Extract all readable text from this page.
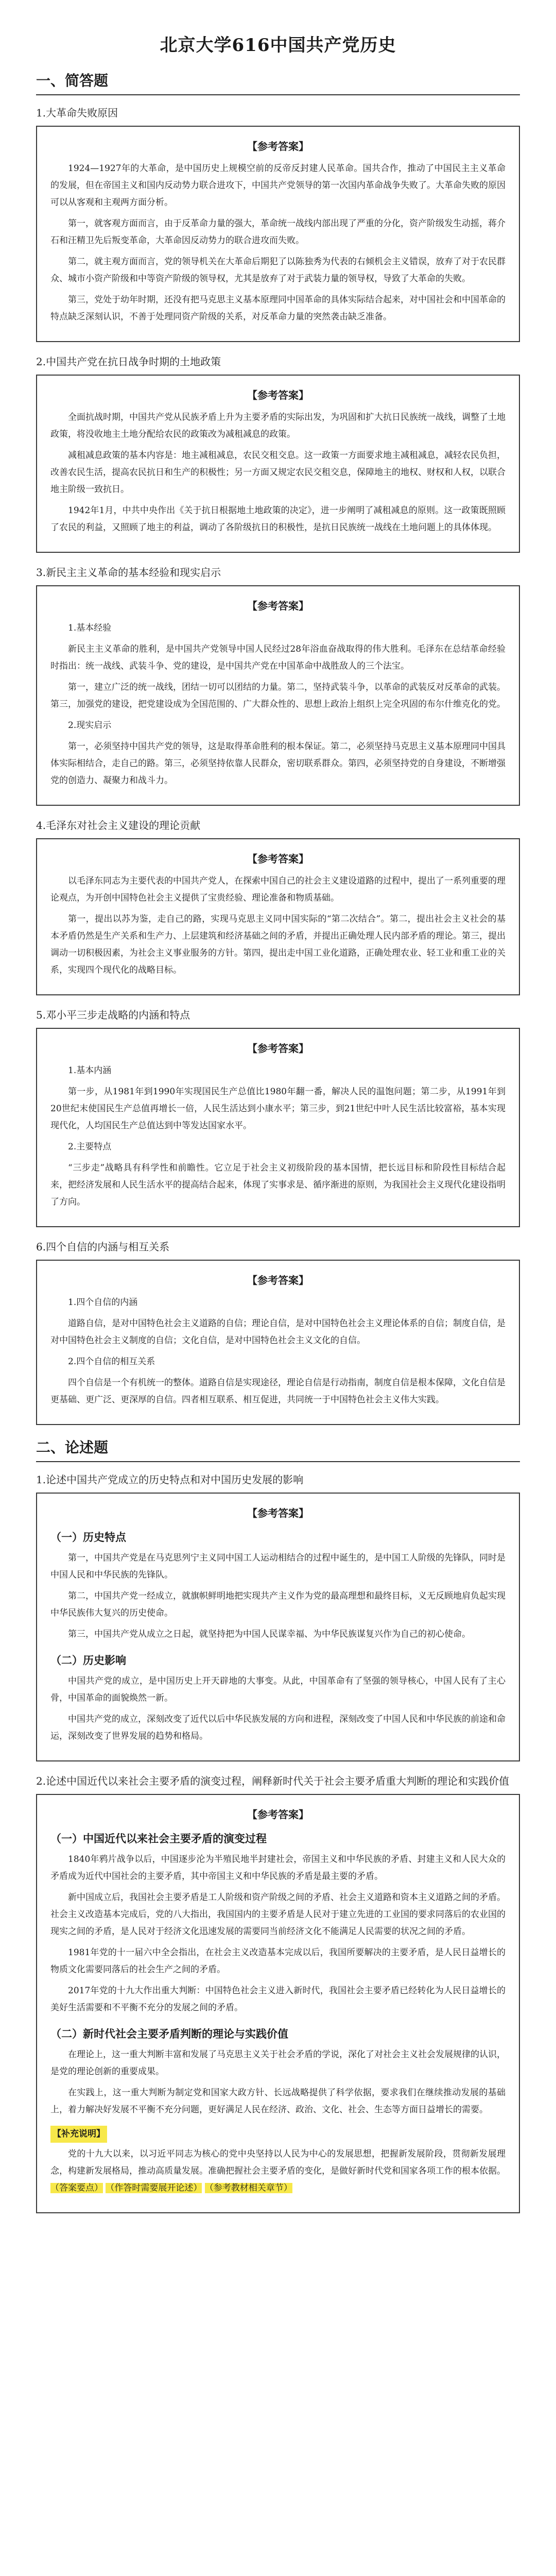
北京大学616中国共产党历史
一、简答题
1.大革命失败原因
【参考答案】

1924—1927年的大革命，是中国历史上规模空前的反帝反封建人民革命。国共合作，推动了中国民主主义革命的发展，但在帝国主义和国内反动势力联合进攻下，中国共产党领导的第一次国内革命战争失败了。大革命失败的原因可以从客观和主观两方面分析。

第一，就客观方面而言，由于反革命力量的强大，革命统一战线内部出现了严重的分化，资产阶级发生动摇，蒋介石和汪精卫先后叛变革命，大革命因反动势力的联合进攻而失败。

第二，就主观方面而言，党的领导机关在大革命后期犯了以陈独秀为代表的右倾机会主义错误，放弃了对于农民群众、城市小资产阶级和中等资产阶级的领导权，尤其是放弃了对于武装力量的领导权，导致了大革命的失败。

第三，党处于幼年时期，还没有把马克思主义基本原理同中国革命的具体实际结合起来，对中国社会和中国革命的特点缺乏深刻认识，不善于处理同资产阶级的关系，对反革命力量的突然袭击缺乏准备。

2.中国共产党在抗日战争时期的土地政策
【参考答案】

全面抗战时期，中国共产党从民族矛盾上升为主要矛盾的实际出发，为巩固和扩大抗日民族统一战线，调整了土地政策，将没收地主土地分配给农民的政策改为减租减息的政策。

减租减息政策的基本内容是：地主减租减息，农民交租交息。这一政策一方面要求地主减租减息，减轻农民负担，改善农民生活，提高农民抗日和生产的积极性；另一方面又规定农民交租交息，保障地主的地权、财权和人权，以联合地主阶级一致抗日。

1942年1月，中共中央作出《关于抗日根据地土地政策的决定》，进一步阐明了减租减息的原则。这一政策既照顾了农民的利益，又照顾了地主的利益，调动了各阶级抗日的积极性，是抗日民族统一战线在土地问题上的具体体现。

3.新民主主义革命的基本经验和现实启示
【参考答案】

1.基本经验

新民主主义革命的胜利，是中国共产党领导中国人民经过28年浴血奋战取得的伟大胜利。毛泽东在总结革命经验时指出：统一战线、武装斗争、党的建设，是中国共产党在中国革命中战胜敌人的三个法宝。

第一，建立广泛的统一战线，团结一切可以团结的力量。第二，坚持武装斗争，以革命的武装反对反革命的武装。第三，加强党的建设，把党建设成为全国范围的、广大群众性的、思想上政治上组织上完全巩固的布尔什维克化的党。

2.现实启示

第一，必须坚持中国共产党的领导，这是取得革命胜利的根本保证。第二，必须坚持马克思主义基本原理同中国具体实际相结合，走自己的路。第三，必须坚持依靠人民群众，密切联系群众。第四，必须坚持党的自身建设，不断增强党的创造力、凝聚力和战斗力。

4.毛泽东对社会主义建设的理论贡献
【参考答案】

以毛泽东同志为主要代表的中国共产党人，在探索中国自己的社会主义建设道路的过程中，提出了一系列重要的理论观点，为开创中国特色社会主义提供了宝贵经验、理论准备和物质基础。

第一，提出以苏为鉴，走自己的路，实现马克思主义同中国实际的“第二次结合”。第二，提出社会主义社会的基本矛盾仍然是生产关系和生产力、上层建筑和经济基础之间的矛盾，并提出正确处理人民内部矛盾的理论。第三，提出调动一切积极因素，为社会主义事业服务的方针。第四，提出走中国工业化道路，正确处理农业、轻工业和重工业的关系，实现四个现代化的战略目标。

5.邓小平三步走战略的内涵和特点
【参考答案】

1.基本内涵

第一步，从1981年到1990年实现国民生产总值比1980年翻一番，解决人民的温饱问题；第二步，从1991年到20世纪末使国民生产总值再增长一倍，人民生活达到小康水平；第三步，到21世纪中叶人民生活比较富裕，基本实现现代化，人均国民生产总值达到中等发达国家水平。

2.主要特点

“三步走”战略具有科学性和前瞻性。它立足于社会主义初级阶段的基本国情，把长远目标和阶段性目标结合起来，把经济发展和人民生活水平的提高结合起来，体现了实事求是、循序渐进的原则，为我国社会主义现代化建设指明了方向。

6.四个自信的内涵与相互关系
【参考答案】

1.四个自信的内涵

道路自信，是对中国特色社会主义道路的自信；理论自信，是对中国特色社会主义理论体系的自信；制度自信，是对中国特色社会主义制度的自信；文化自信，是对中国特色社会主义文化的自信。

2.四个自信的相互关系

四个自信是一个有机统一的整体。道路自信是实现途径，理论自信是行动指南，制度自信是根本保障，文化自信是更基础、更广泛、更深厚的自信。四者相互联系、相互促进，共同统一于中国特色社会主义伟大实践。

二、论述题
1.论述中国共产党成立的历史特点和对中国历史发展的影响
【参考答案】
（一）历史特点

第一，中国共产党是在马克思列宁主义同中国工人运动相结合的过程中诞生的，是中国工人阶级的先锋队，同时是中国人民和中华民族的先锋队。

第二，中国共产党一经成立，就旗帜鲜明地把实现共产主义作为党的最高理想和最终目标，义无反顾地肩负起实现中华民族伟大复兴的历史使命。

第三，中国共产党从成立之日起，就坚持把为中国人民谋幸福、为中华民族谋复兴作为自己的初心使命。

（二）历史影响

中国共产党的成立，是中国历史上开天辟地的大事变。从此，中国革命有了坚强的领导核心，中国人民有了主心骨，中国革命的面貌焕然一新。

中国共产党的成立，深刻改变了近代以后中华民族发展的方向和进程，深刻改变了中国人民和中华民族的前途和命运，深刻改变了世界发展的趋势和格局。

2.论述中国近代以来社会主要矛盾的演变过程，阐释新时代关于社会主要矛盾重大判断的理论和实践价值
【参考答案】
（一）中国近代以来社会主要矛盾的演变过程

1840年鸦片战争以后，中国逐步沦为半殖民地半封建社会，帝国主义和中华民族的矛盾、封建主义和人民大众的矛盾成为近代中国社会的主要矛盾，其中帝国主义和中华民族的矛盾是最主要的矛盾。

新中国成立后，我国社会主要矛盾是工人阶级和资产阶级之间的矛盾、社会主义道路和资本主义道路之间的矛盾。社会主义改造基本完成后，党的八大指出，我国国内的主要矛盾是人民对于建立先进的工业国的要求同落后的农业国的现实之间的矛盾，是人民对于经济文化迅速发展的需要同当前经济文化不能满足人民需要的状况之间的矛盾。

1981年党的十一届六中全会指出，在社会主义改造基本完成以后，我国所要解决的主要矛盾，是人民日益增长的物质文化需要同落后的社会生产之间的矛盾。

2017年党的十九大作出重大判断：中国特色社会主义进入新时代，我国社会主要矛盾已经转化为人民日益增长的美好生活需要和不平衡不充分的发展之间的矛盾。

（二）新时代社会主要矛盾判断的理论与实践价值

在理论上，这一重大判断丰富和发展了马克思主义关于社会矛盾的学说，深化了对社会主义社会发展规律的认识，是党的理论创新的重要成果。

在实践上，这一重大判断为制定党和国家大政方针、长远战略提供了科学依据，要求我们在继续推动发展的基础上，着力解决好发展不平衡不充分问题，更好满足人民在经济、政治、文化、社会、生态等方面日益增长的需要。

【补充说明】

党的十九大以来，以习近平同志为核心的党中央坚持以人民为中心的发展思想，把握新发展阶段，贯彻新发展理念，构建新发展格局，推动高质量发展。准确把握社会主要矛盾的变化，是做好新时代党和国家各项工作的根本依据。 （答案要点） （作答时需要展开论述） （参考教材相关章节）
